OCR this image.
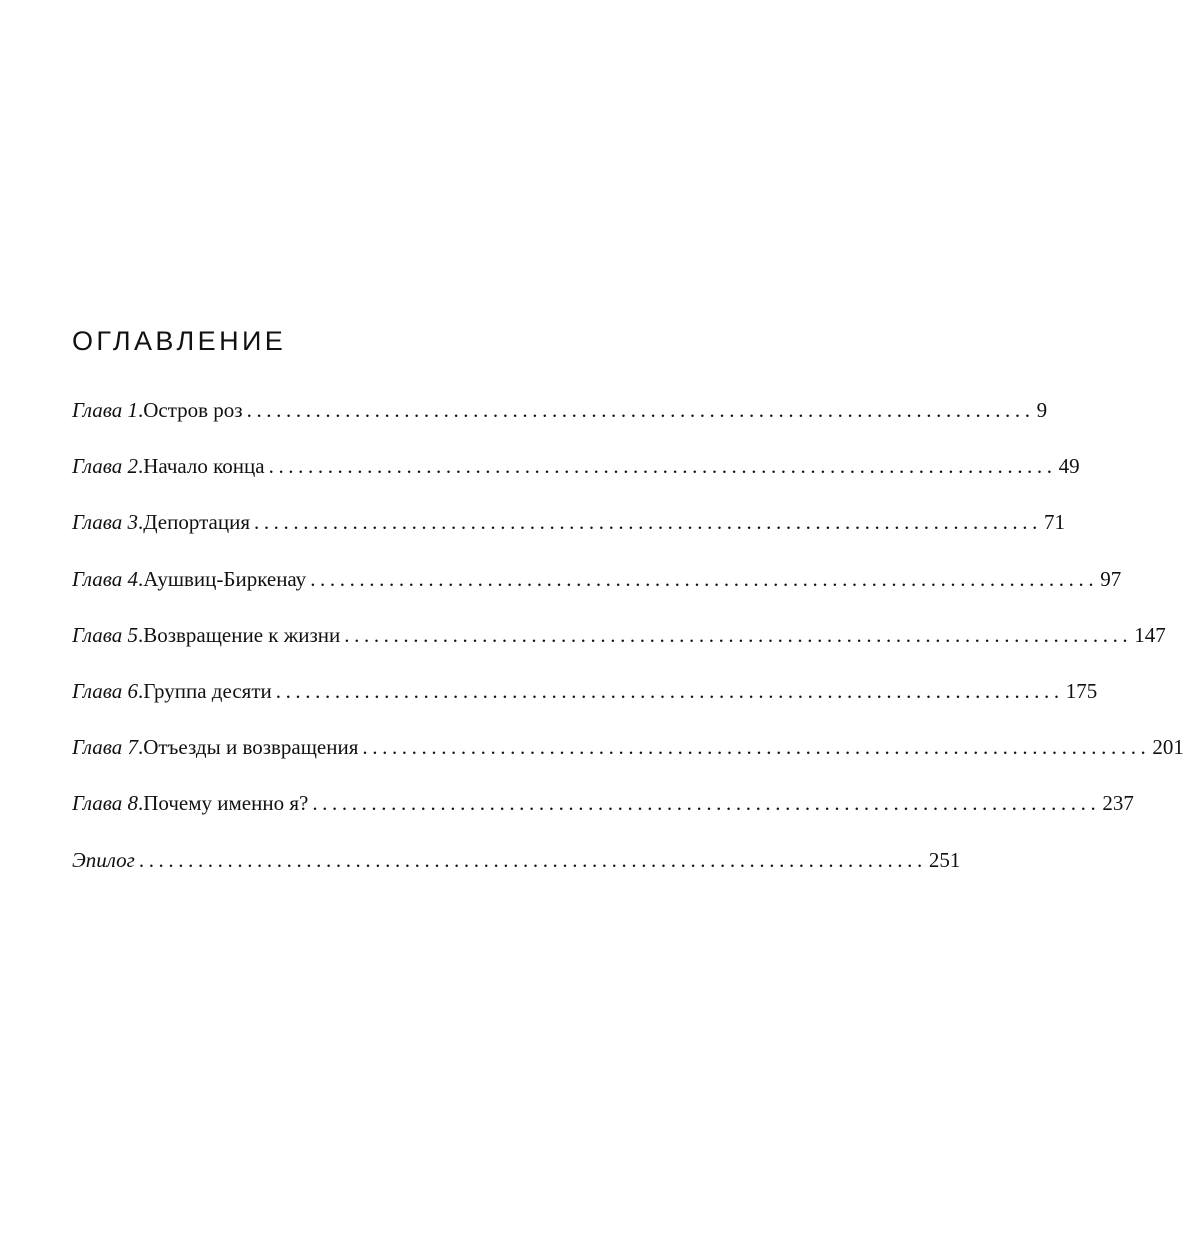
ОГЛАВЛЕНИЕ
Глава 1 . Остров роз ................................................................................ 9
Глава 2 . Начало конца ................................................................................ 49
Глава 3 . Депортация ................................................................................ 71
Глава 4 . Аушвиц-Биркенау ................................................................................ 97
Глава 5 . Возвращение к жизни ................................................................................ 147
Глава 6 . Группа десяти ................................................................................ 175
Глава 7 . Отъезды и возвращения ................................................................................ 201
Глава 8 . Почему именно я? ................................................................................ 237
Эпилог ................................................................................ 251
